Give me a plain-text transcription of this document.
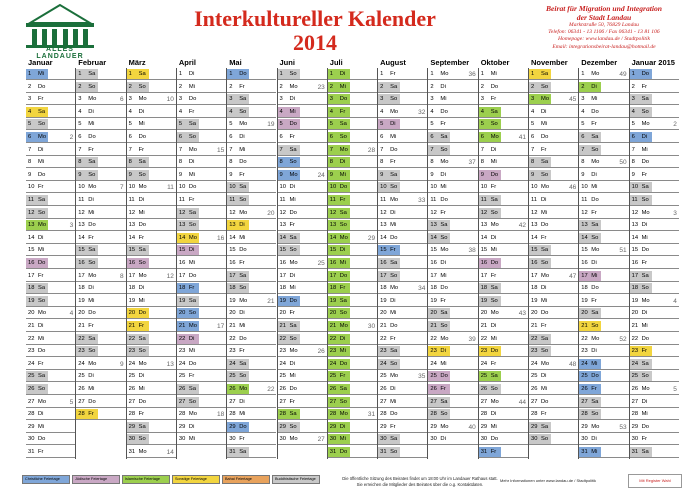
ALLES LANDAUER
Interkultureller Kalender
2014
Beirat für Migration und Integration
der Stadt Landau
Marktstraße 50, 76829 Landau
Telefon: 06341 - 13 1106 / Fax 06341 - 13 81 106
Homepage: www.landau.de / Stadtpolitik
Email: integrationsbeirat-landau@hotmail.de
Januar
1 Mi
2 Do
3 Fr
4 Sa
5 So
6 Mo	2
7 Di
8 Mi
9 Do
10 Fr
11 Sa
12 So
13 Mo	3
14 Di
15 Mi
16 Do
17 Fr
18 Sa
19 So
20 Mo	4
21 Di
22 Mi
23 Do
24 Fr
25 Sa
26 So
27 Mo	5
28 Di
29 Mi
30 Do
31 Fr
Februar
1 Sa
2 So
3 Mo	6
4 Di
5 Mi
6 Do
7 Fr
8 Sa
9 So
10 Mo	7
11 Di
12 Mi
13 Do
14 Fr
15 Sa
16 So
17 Mo	8
18 Di
19 Mi
20 Do
21 Fr
22 Sa
23 So
24 Mo	9
25 Di
26 Mi
27 Do
28 Fr
März
1 Sa
2 So
3 Mo	10
4 Di
5 Mi
6 Do
7 Fr
8 Sa
9 So
10 Mo	11
11 Di
12 Mi
13 Do
14 Fr
15 Sa
16 So
17 Mo	12
18 Di
19 Mi
20 Do
21 Fr
22 Sa
23 So
24 Mo	13
25 Di
26 Mi
27 Do
28 Fr
29 Sa
30 So
31 Mo	14
April
1 Di
2 Mi
3 Do
4 Fr
5 Sa
6 So
7 Mo	15
8 Di
9 Mi
10 Do
11 Fr
12 Sa
13 So
14 Mo	16
15 Di
16 Mi
17 Do
18 Fr
19 Sa
20 So
21 Mo	17
22 Di
23 Mi
24 Do
25 Fr
26 Sa
27 So
28 Mo	18
29 Di
30 Mi
Mai
1 Do
2 Fr
3 Sa
4 So
5 Mo	19
6 Di
7 Mi
8 Do
9 Fr
10 Sa
11 So
12 Mo	20
13 Di
14 Mi
15 Do
16 Fr
17 Sa
18 So
19 Mo	21
20 Di
21 Mi
22 Do
23 Fr
24 Sa
25 So
26 Mo	22
27 Di
28 Mi
29 Do
30 Fr
31 Sa
Juni
1 So
2 Mo	23
3 Di
4 Mi
5 Do
6 Fr
7 Sa
8 So
9 Mo	24
10 Di
11 Mi
12 Do
13 Fr
14 Sa
15 So
16 Mo	25
17 Di
18 Mi
19 Do
20 Fr
21 Sa
22 So
23 Mo	26
24 Di
25 Mi
26 Do
27 Fr
28 Sa
29 So
30 Mo	27
Juli
1 Di
2 Mi
3 Do
4 Fr
5 Sa
6 So
7 Mo	28
8 Di
9 Mi
10 Do
11 Fr
12 Sa
13 So
14 Mo	29
15 Di
16 Mi
17 Do
18 Fr
19 Sa
20 So
21 Mo	30
22 Di
23 Mi
24 Do
25 Fr
26 Sa
27 So
28 Mo	31
29 Di
30 Mi
31 Do
August
1 Fr
2 Sa
3 So
4 Mo	32
5 Di
6 Mi
7 Do
8 Fr
9 Sa
10 So
11 Mo	33
12 Di
13 Mi
14 Do
15 Fr
16 Sa
17 So
18 Mo	34
19 Di
20 Mi
21 Do
22 Fr
23 Sa
24 So
25 Mo	35
26 Di
27 Mi
28 Do
29 Fr
30 Sa
31 So
September
1 Mo	36
2 Di
3 Mi
4 Do
5 Fr
6 Sa
7 So
8 Mo	37
9 Di
10 Mi
11 Do
12 Fr
13 Sa
14 So
15 Mo	38
16 Di
17 Mi
18 Do
19 Fr
20 Sa
21 So
22 Mo	39
23 Di
24 Mi
25 Do
26 Fr
27 Sa
28 So
29 Mo	40
30 Di
Oktober
1 Mi
2 Do
3 Fr
4 Sa
5 So
6 Mo	41
7 Di
8 Mi
9 Do
10 Fr
11 Sa
12 So
13 Mo	42
14 Di
15 Mi
16 Do
17 Fr
18 Sa
19 So
20 Mo	43
21 Di
22 Mi
23 Do
24 Fr
25 Sa
26 So
27 Mo	44
28 Di
29 Mi
30 Do
31 Fr
November
1 Sa
2 So
3 Mo	45
4 Di
5 Mi
6 Do
7 Fr
8 Sa
9 So
10 Mo	46
11 Di
12 Mi
13 Do
14 Fr
15 Sa
16 So
17 Mo	47
18 Di
19 Mi
20 Do
21 Fr
22 Sa
23 So
24 Mo	48
25 Di
26 Mi
27 Do
28 Fr
29 Sa
30 So
Dezember
1 Mo	49
2 Di
3 Mi
4 Do
5 Fr
6 Sa
7 So
8 Mo	50
9 Di
10 Mi
11 Do
12 Fr
13 Sa
14 So
15 Mo	51
16 Di
17 Mi
18 Do
19 Fr
20 Sa
21 So
22 Mo	52
23 Di
24 Mi
25 Do
26 Fr
27 Sa
28 So
29 Mo	53
30 Di
31 Mi
Januar 2015
1 Do
2 Fr
3 Sa
4 So
5 Mo	2
6 Di
7 Mi
8 Do
9 Fr
10 Sa
11 So
12 Mo	3
13 Di
14 Mi
15 Do
16 Fr
17 Sa
18 So
19 Mo	4
20 Di
21 Mi
22 Do
23 Fr
24 Sa
25 So
26 Mo	5
27 Di
28 Mi
29 Do
30 Fr
31 Sa
Christliche Feiertage	Jüdische Feiertage	Islamische Feiertage	Sonstige Feiertage	Bahai Feiertage	Buddhistische Feiertage	Die öffentliche Sitzung des Beirates findet um 18:00 Uhr im Landauer Rathaus statt.
Sie erreichen die Mitglieder des Beirates über die o.g. Kontaktdaten.
Mehr Informationen unter www.landau.de / Stadtpolitik	Mit Register Wahl
